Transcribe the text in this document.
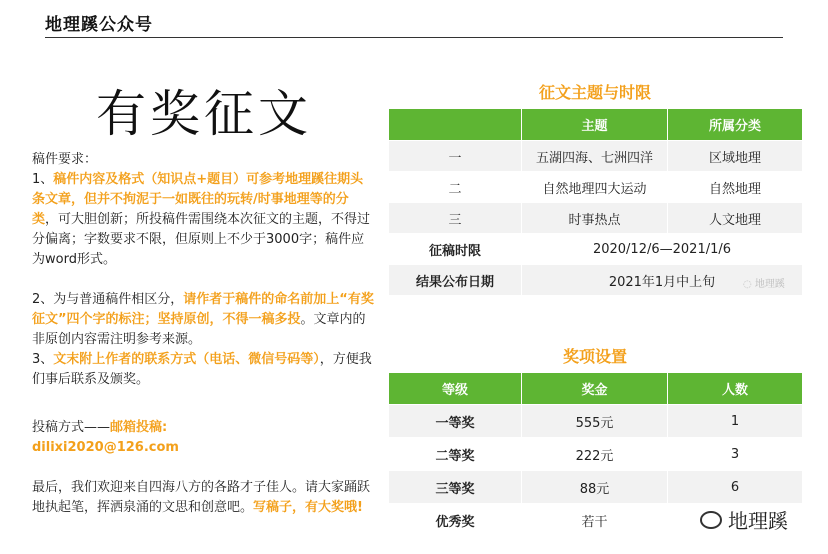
地理蹊公众号
有奖征文

稿件要求：

1、稿件内容及格式（知识点+题目）可参考地理蹊往期头条文章，但并不拘泥于一如既往的玩转/时事地理等的分类，可大胆创新；所投稿件需围绕本次征文的主题，不得过分偏离；字数要求不限，但原则上不少于3000字；稿件应为word形式。

2、为与普通稿件相区分，请作者于稿件的命名前加上“有奖征文”四个字的标注；坚持原创，不得一稿多投。文章内的非原创内容需注明参考来源。

3、文末附上作者的联系方式（电话、微信号码等），方便我们事后联系及颁奖。

投稿方式——邮箱投稿:

dilixi2020@126.com

最后，我们欢迎来自四海八方的各路才子佳人。请大家踊跃地执起笔，挥洒泉涌的文思和创意吧。写稿子，有大奖哦!

征文主题与时限
	主题	所属分类
一	五湖四海、七洲四洋	区域地理
二	自然地理四大运动	自然地理
三	时事热点	人文地理
征稿时限	2020/12/6—2021/1/6	
结果公布日期	2021年1月中上旬		◌ 地理蹊
奖项设置
等级	奖金	人数
一等奖	555元	1
二等奖	222元	3
三等奖	88元	6
优秀奖	若干		地理蹊
